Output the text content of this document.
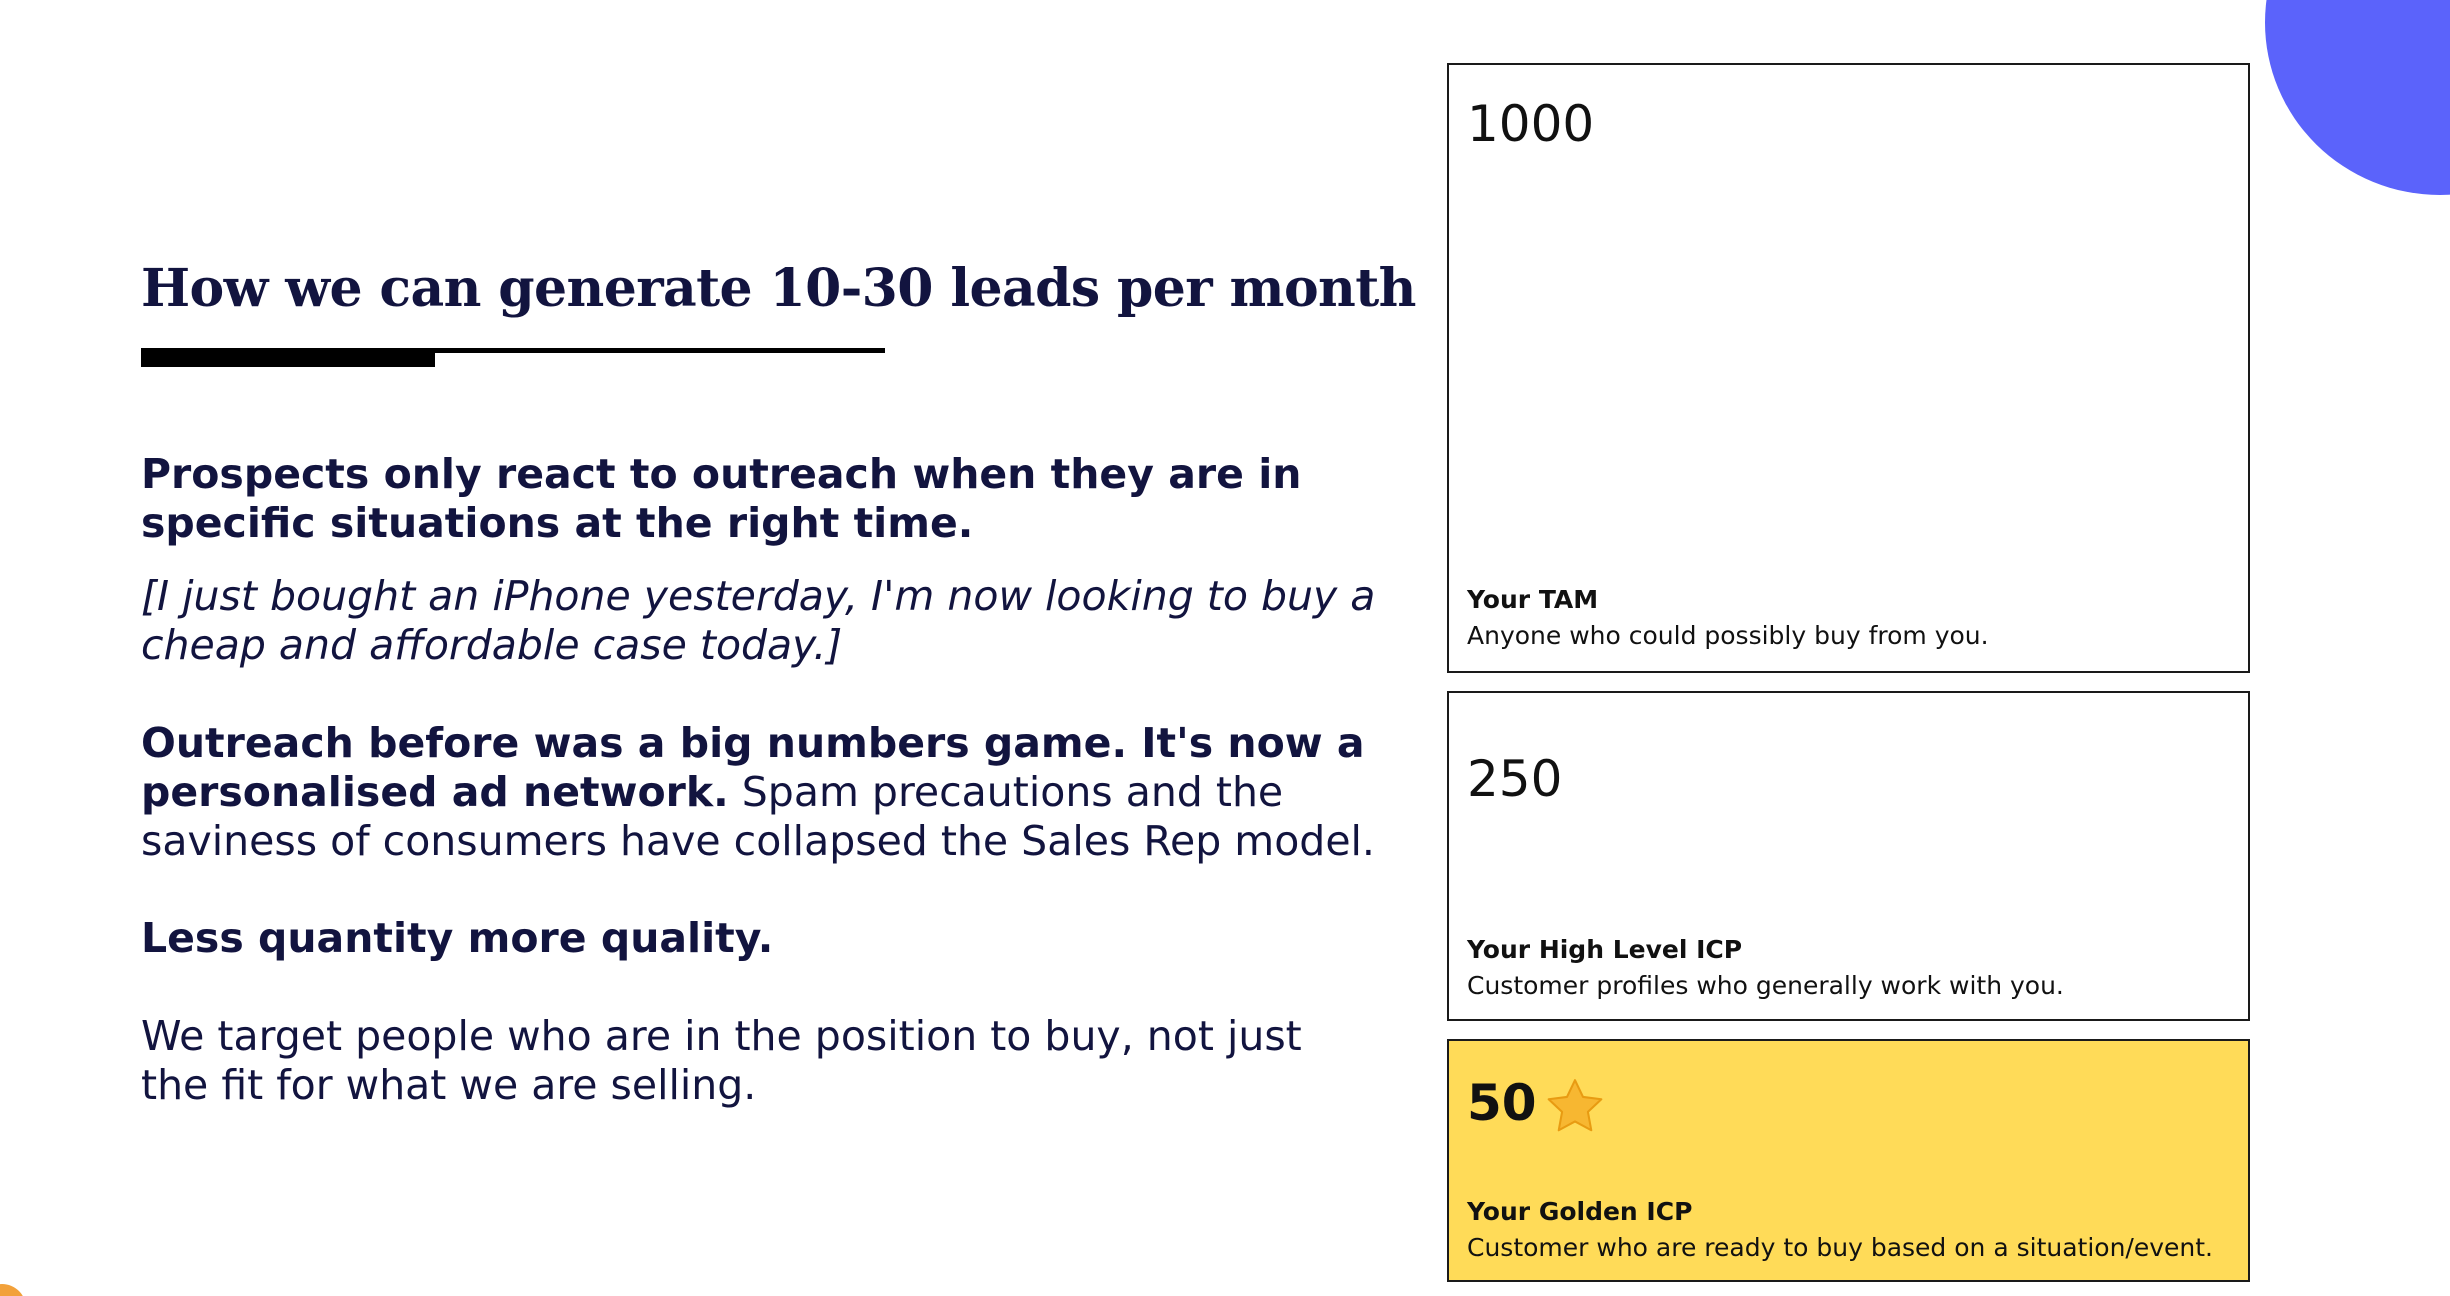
How we can generate 10-30 leads per month

Prospects only react to outreach when they are in specific situations at the right time.

[I just bought an iPhone yesterday, I'm now looking to buy a cheap and affordable case today.]

Outreach before was a big numbers game. It's now a personalised ad network. Spam precautions and the saviness of consumers have collapsed the Sales Rep model.

Less quantity more quality.

We target people who are in the position to buy, not just the fit for what we are selling.

1000
Your TAM
Anyone who could possibly buy from you.
250
Your High Level ICP
Customer profiles who generally work with you.
50
Your Golden ICP
Customer who are ready to buy based on a situation/event.
